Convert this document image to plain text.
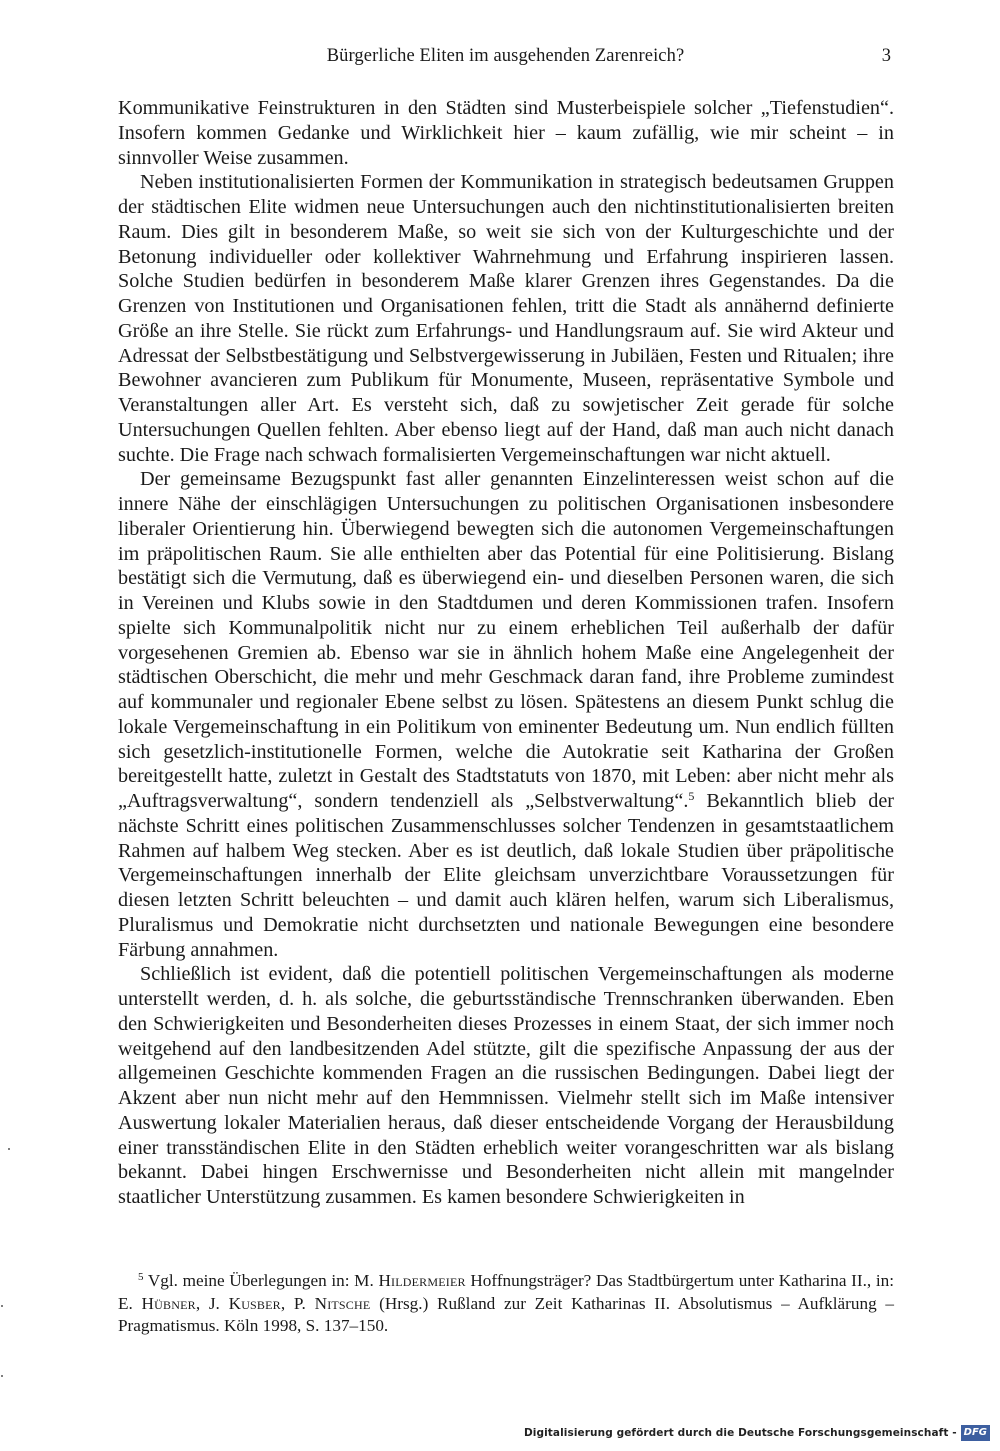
Bürgerliche Eliten im ausgehenden Zarenreich?	3

Kommunikative Feinstrukturen in den Städten sind Musterbeispiele solcher „Tiefenstudien“. Insofern kommen Gedanke und Wirklichkeit hier – kaum zufällig, wie mir scheint – in sinnvoller Weise zusammen.

Neben institutionalisierten Formen der Kommunikation in strategisch bedeutsamen Gruppen der städtischen Elite widmen neue Untersuchungen auch den nichtinstitutionalisierten breiten Raum. Dies gilt in besonderem Maße, so weit sie sich von der Kulturgeschichte und der Betonung individueller oder kollektiver Wahrnehmung und Erfahrung inspirieren lassen. Solche Studien bedürfen in besonderem Maße klarer Grenzen ihres Gegenstandes. Da die Grenzen von Institutionen und Organisationen fehlen, tritt die Stadt als annähernd definierte Größe an ihre Stelle. Sie rückt zum Erfahrungs- und Handlungsraum auf. Sie wird Akteur und Adressat der Selbstbestätigung und Selbstvergewisserung in Jubiläen, Festen und Ritualen; ihre Bewohner avancieren zum Publikum für Monumente, Museen, repräsentative Symbole und Veranstaltungen aller Art. Es versteht sich, daß zu sowjetischer Zeit gerade für solche Untersuchungen Quellen fehlten. Aber ebenso liegt auf der Hand, daß man auch nicht danach suchte. Die Frage nach schwach formalisierten Vergemeinschaftungen war nicht aktuell.

Der gemeinsame Bezugspunkt fast aller genannten Einzelinteressen weist schon auf die innere Nähe der einschlägigen Untersuchungen zu politischen Organisationen insbesondere liberaler Orientierung hin. Überwiegend bewegten sich die autonomen Vergemeinschaftungen im präpolitischen Raum. Sie alle enthielten aber das Potential für eine Politisierung. Bislang bestätigt sich die Vermutung, daß es überwiegend ein- und dieselben Personen waren, die sich in Vereinen und Klubs sowie in den Stadtdumen und deren Kommissionen trafen. Insofern spielte sich Kommunalpolitik nicht nur zu einem erheblichen Teil außerhalb der dafür vorgesehenen Gremien ab. Ebenso war sie in ähnlich hohem Maße eine Angelegenheit der städtischen Oberschicht, die mehr und mehr Geschmack daran fand, ihre Probleme zumindest auf kommunaler und regionaler Ebene selbst zu lösen. Spätestens an diesem Punkt schlug die lokale Vergemeinschaftung in ein Politikum von eminenter Bedeutung um. Nun endlich füllten sich gesetzlich-institutionelle Formen, welche die Autokratie seit Katharina der Großen bereitgestellt hatte, zuletzt in Gestalt des Stadtstatuts von 1870, mit Leben: aber nicht mehr als „Auftragsverwaltung“, sondern tendenziell als „Selbstverwaltung“.$^5$ Bekanntlich blieb der nächste Schritt eines politischen Zusammenschlusses solcher Tendenzen in gesamtstaatlichem Rahmen auf halbem Weg stecken. Aber es ist deutlich, daß lokale Studien über präpolitische Vergemeinschaftungen innerhalb der Elite gleichsam unverzichtbare Voraussetzungen für diesen letzten Schritt beleuchten – und damit auch klären helfen, warum sich Liberalismus, Pluralismus und Demokratie nicht durchsetzten und nationale Bewegungen eine besondere Färbung annahmen.

Schließlich ist evident, daß die potentiell politischen Vergemeinschaftungen als moderne unterstellt werden, d. h. als solche, die geburtsständische Trennschranken überwanden. Eben den Schwierigkeiten und Besonderheiten dieses Prozesses in einem Staat, der sich immer noch weitgehend auf den landbesitzenden Adel stützte, gilt die spezifische Anpassung der aus der allgemeinen Geschichte kommenden Fragen an die russischen Bedingungen. Dabei liegt der Akzent aber nun nicht mehr auf den Hemmnissen. Vielmehr stellt sich im Maße intensiver Auswertung lokaler Materialien heraus, daß dieser entscheidende Vorgang der Herausbildung einer transständischen Elite in den Städten erheblich weiter vorangeschritten war als bislang bekannt. Dabei hingen Erschwernisse und Besonderheiten nicht allein mit mangelnder staatlicher Unterstützung zusammen. Es kamen besondere Schwierigkeiten in

$^5$ Vgl. meine Überlegungen in: M. Hildermeier Hoffnungsträger? Das Stadtbürgertum unter Katharina II., in: E. Hübner, J. Kusber, P. Nitsche (Hrsg.) Rußland zur Zeit Katharinas II. Absolutismus – Aufklärung – Pragmatismus. Köln 1998, S. 137–150.

Digitalisierung gefördert durch die Deutsche Forschungsgemeinschaft - DFG
